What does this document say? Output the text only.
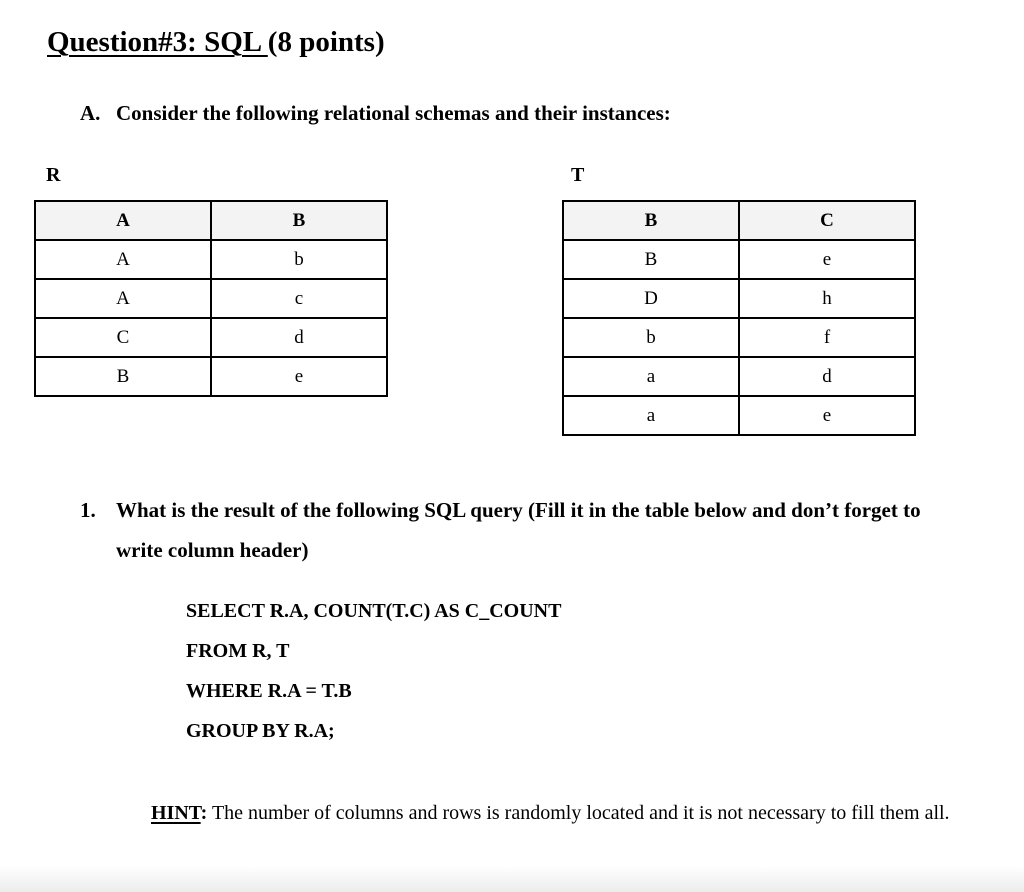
Question#3: SQL (8 points)
A. Consider the following relational schemas and their instances:
R	T
A	B
A	b
A	c
C	d
B	e
B	C
B	e
D	h
b	f
a	d
a	e
1. What is the result of the following SQL query (Fill it in the table below and don’t forget to write column header)
SELECT R.A, COUNT(T.C) AS C_COUNT
FROM R, T
WHERE R.A = T.B
GROUP BY R.A;
HINT: The number of columns and rows is randomly located and it is not necessary to fill them all.
